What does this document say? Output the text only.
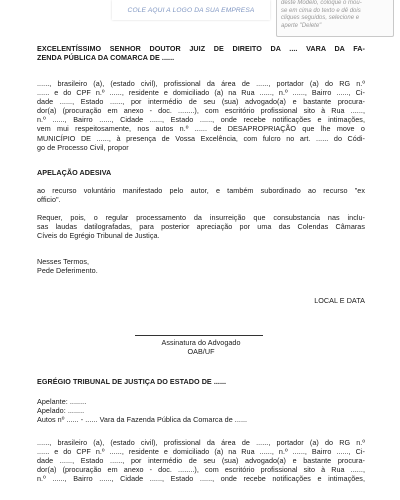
COLE AQUI A LOGO DA SUA EMPRESA
deste Modelo, coloque o mou-
se em cima do texto e dê dois
cliques seguidos, selecione e
aperte "Delete"
EXCELENTÍSSIMO SENHOR DOUTOR JUIZ DE DIREITO DA .... VARA DA FA-
ZENDA PÚBLICA DA COMARCA DE ......
......, brasileiro (a), (estado civil), profissional da área de ......, portador (a) do RG n.º
...... e do CPF n.º ......, residente e domiciliado (a) na Rua ......, n.º ......, Bairro ......, Ci-
dade ......, Estado ......, por intermédio de seu (sua) advogado(a) e bastante procura-
dor(a) (procuração em anexo - doc. ........), com escritório profissional sito à Rua ......,
n.º ......, Bairro ......, Cidade ......, Estado ......, onde recebe notificações e intimações,
vem mui respeitosamente, nos autos n.º ...... de DESAPROPRIAÇÃO que lhe move o
MUNICÍPIO DE ......, à presença de Vossa Excelência, com fulcro no art. ...... do Códi-
go de Processo Civil, propor
APELAÇÃO ADESIVA
ao recurso voluntário manifestado pelo autor, e também subordinado ao recurso "ex
officio".
Requer, pois, o regular processamento da insurreição que consubstancia nas inclu-
sas laudas datilografadas, para posterior apreciação por uma das Colendas Câmaras
Cíveis do Egrégio Tribunal de Justiça.
Nesses Termos,
Pede Deferimento.
LOCAL E DATA
Assinatura do Advogado
OAB/UF
EGRÉGIO TRIBUNAL DE JUSTIÇA DO ESTADO DE ......
Apelante: ........
Apelado: ........
Autos nº ...... - ...... Vara da Fazenda Pública da Comarca de ......
......, brasileiro (a), (estado civil), profissional da área de ......, portador (a) do RG n.º
...... e do CPF n.º ......, residente e domiciliado (a) na Rua ......, n.º ......, Bairro ......, Ci-
dade ......, Estado ......, por intermédio de seu (sua) advogado(a) e bastante procura-
dor(a) (procuração em anexo - doc. ........), com escritório profissional sito à Rua ......,
n.º ......, Bairro ......, Cidade ......, Estado ......, onde recebe notificações e intimações,
